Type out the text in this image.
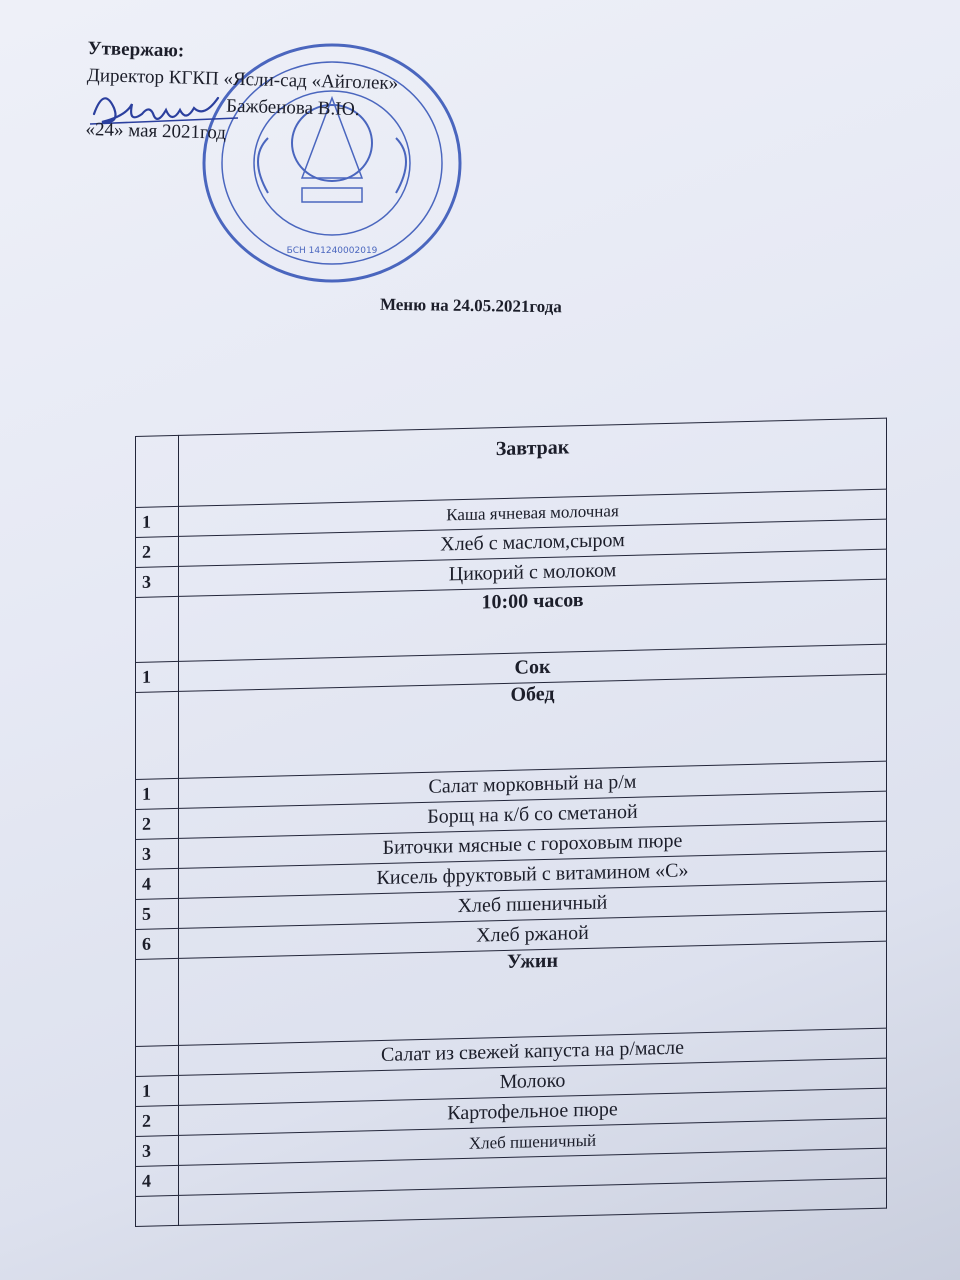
БСН 141240002019
Утвержаю:
Директор КГКП «Ясли-сад «Айголек»
Бажбенова В.Ю.
«24» мая 2021год
Меню на 24.05.2021года
	Завтрак
1	Каша ячневая молочная
2	Хлеб с маслом,сыром
3	Цикорий с молоком
	10:00 часов
1	Сок
	Обед
1	Салат морковный на р/м
2	Борщ на к/б со сметаной
3	Биточки мясные с гороховым пюре
4	Кисель фруктовый с витамином «С»
5	Хлеб пшеничный
6	Хлеб ржаной
	Ужин
	Салат из свежей капуста на р/масле
1	Молоко
2	Картофельное пюре
3	Хлеб пшеничный
4	
